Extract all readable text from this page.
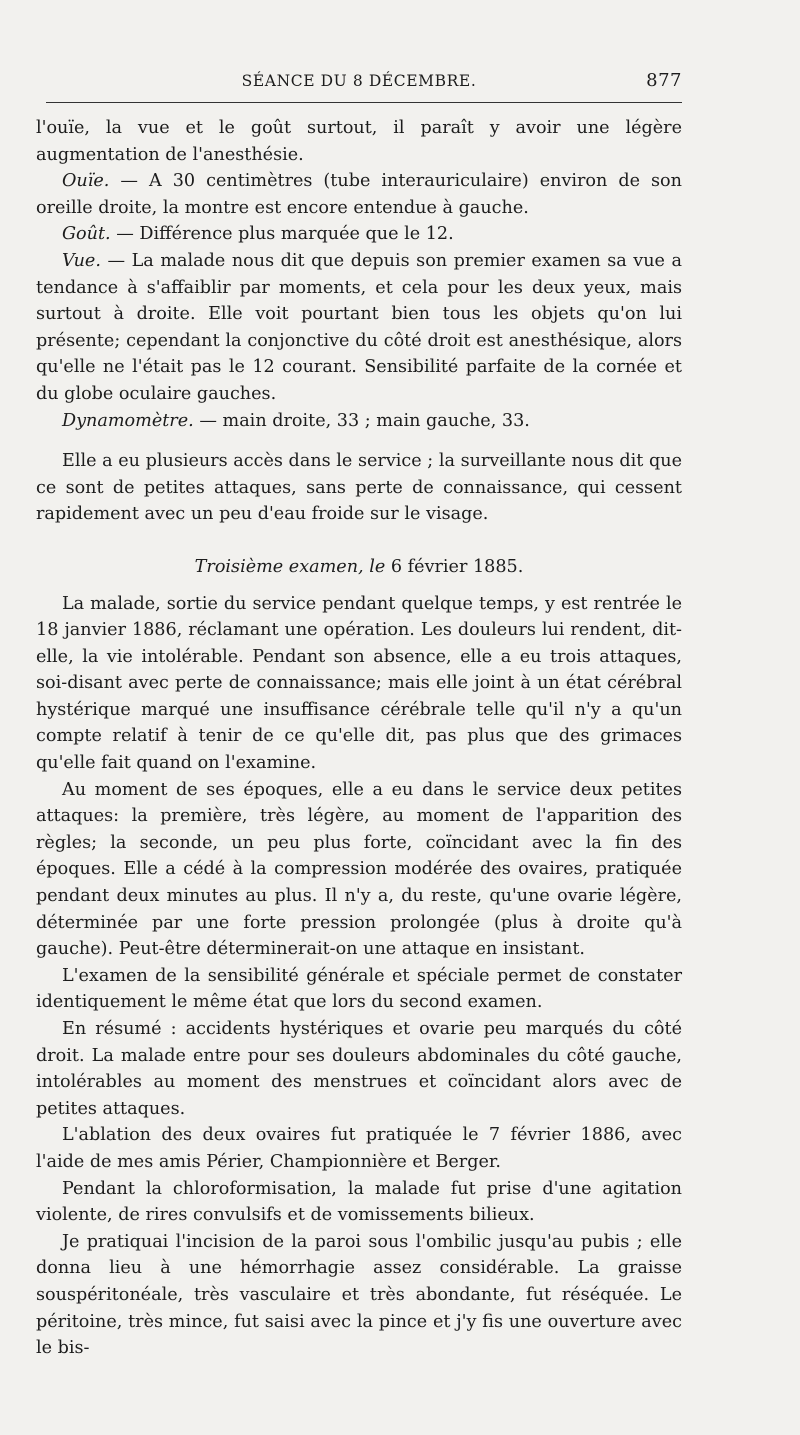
SÉANCE DU 8 DÉCEMBRE.	877

l'ouïe, la vue et le goût surtout, il paraît y avoir une légère augmentation de l'anesthésie.

Ouïe. — A 30 centimètres (tube interauriculaire) environ de son oreille droite, la montre est encore entendue à gauche.

Goût. — Différence plus marquée que le 12.

Vue. — La malade nous dit que depuis son premier examen sa vue a tendance à s'affaiblir par moments, et cela pour les deux yeux, mais surtout à droite. Elle voit pourtant bien tous les objets qu'on lui présente; cependant la conjonctive du côté droit est anesthésique, alors qu'elle ne l'était pas le 12 courant. Sensibilité parfaite de la cornée et du globe oculaire gauches.

Dynamomètre. — main droite, 33 ; main gauche, 33.

Elle a eu plusieurs accès dans le service ; la surveillante nous dit que ce sont de petites attaques, sans perte de connaissance, qui cessent rapidement avec un peu d'eau froide sur le visage.

Troisième examen, le 6 février 1885.

La malade, sortie du service pendant quelque temps, y est rentrée le 18 janvier 1886, réclamant une opération. Les douleurs lui rendent, dit-elle, la vie intolérable. Pendant son absence, elle a eu trois attaques, soi-disant avec perte de connaissance; mais elle joint à un état cérébral hystérique marqué une insuffisance cérébrale telle qu'il n'y a qu'un compte relatif à tenir de ce qu'elle dit, pas plus que des grimaces qu'elle fait quand on l'examine.

Au moment de ses époques, elle a eu dans le service deux petites attaques: la première, très légère, au moment de l'apparition des règles; la seconde, un peu plus forte, coïncidant avec la fin des époques. Elle a cédé à la compression modérée des ovaires, pratiquée pendant deux minutes au plus. Il n'y a, du reste, qu'une ovarie légère, déterminée par une forte pression prolongée (plus à droite qu'à gauche). Peut-être déterminerait-on une attaque en insistant.

L'examen de la sensibilité générale et spéciale permet de constater identiquement le même état que lors du second examen.

En résumé : accidents hystériques et ovarie peu marqués du côté droit. La malade entre pour ses douleurs abdominales du côté gauche, intolérables au moment des menstrues et coïncidant alors avec de petites attaques.

L'ablation des deux ovaires fut pratiquée le 7 février 1886, avec l'aide de mes amis Périer, Championnière et Berger.

Pendant la chloroformisation, la malade fut prise d'une agitation violente, de rires convulsifs et de vomissements bilieux.

Je pratiquai l'incision de la paroi sous l'ombilic jusqu'au pubis ; elle donna lieu à une hémorrhagie assez considérable. La graisse souspéritonéale, très vasculaire et très abondante, fut réséquée. Le péritoine, très mince, fut saisi avec la pince et j'y fis une ouverture avec le bis-
